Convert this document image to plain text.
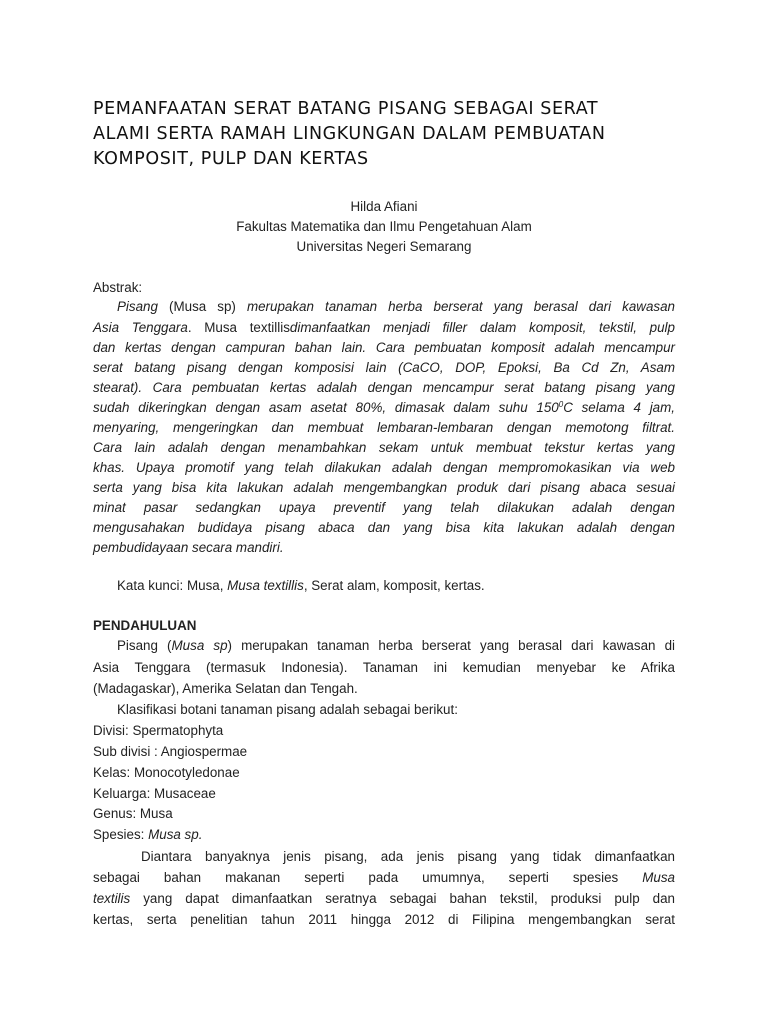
PEMANFAATAN SERAT BATANG PISANG SEBAGAI SERAT
ALAMI SERTA RAMAH LINGKUNGAN DALAM PEMBUATAN
KOMPOSIT, PULP DAN KERTAS
Hilda Afiani
Fakultas Matematika dan Ilmu Pengetahuan Alam
Universitas Negeri Semarang
Abstrak:
Pisang (Musa sp) merupakan tanaman herba berserat yang berasal dari kawasan
Asia Tenggara. Musa textillisdimanfaatkan menjadi filler dalam komposit, tekstil, pulp
dan kertas dengan campuran bahan lain. Cara pembuatan komposit adalah mencampur
serat batang pisang dengan komposisi lain (CaCO, DOP, Epoksi, Ba Cd Zn, Asam
stearat). Cara pembuatan kertas adalah dengan mencampur serat batang pisang yang
sudah dikeringkan dengan asam asetat 80%, dimasak dalam suhu $150^0C$ selama 4 jam,
menyaring, mengeringkan dan membuat lembaran-lembaran dengan memotong filtrat.
Cara lain adalah dengan menambahkan sekam untuk membuat tekstur kertas yang
khas. Upaya promotif yang telah dilakukan adalah dengan mempromokasikan via web
serta yang bisa kita lakukan adalah mengembangkan produk dari pisang abaca sesuai
minat pasar sedangkan upaya preventif yang telah dilakukan adalah dengan
mengusahakan budidaya pisang abaca dan yang bisa kita lakukan adalah dengan
pembudidayaan secara mandiri.
Kata kunci: Musa, Musa textillis, Serat alam, komposit, kertas.
PENDAHULUAN
Pisang (Musa sp) merupakan tanaman herba berserat yang berasal dari kawasan di
Asia Tenggara (termasuk Indonesia). Tanaman ini kemudian menyebar ke Afrika
(Madagaskar), Amerika Selatan dan Tengah.
Klasifikasi botani tanaman pisang adalah sebagai berikut:
Divisi: Spermatophyta
Sub divisi : Angiospermae
Kelas: Monocotyledonae
Keluarga: Musaceae
Genus: Musa
Spesies: Musa sp.
Diantara banyaknya jenis pisang, ada jenis pisang yang tidak dimanfaatkan
sebagai bahan makanan seperti pada umumnya, seperti spesies Musa
textilis yang dapat dimanfaatkan seratnya sebagai bahan tekstil, produksi pulp dan
kertas, serta penelitian tahun 2011 hingga 2012 di Filipina mengembangkan serat
